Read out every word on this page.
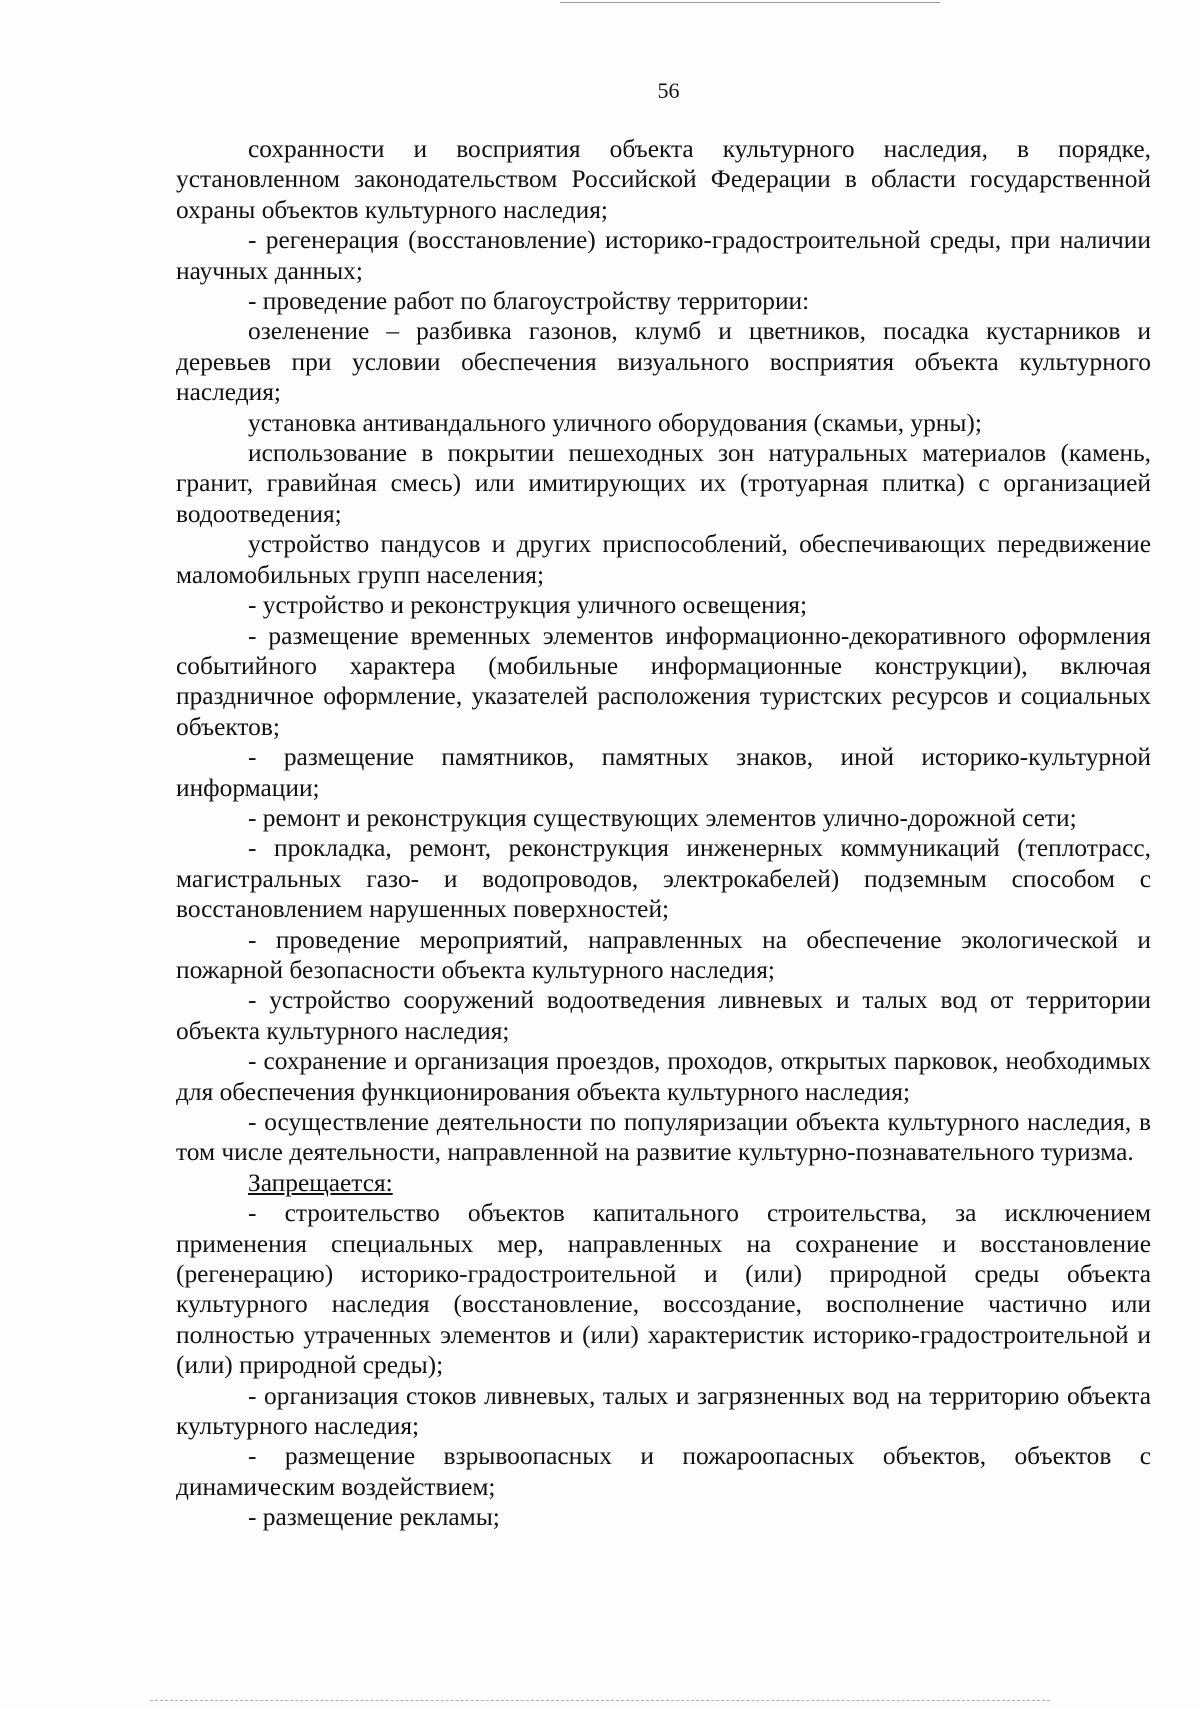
56

сохранности и восприятия объекта культурного наследия, в порядке, установленном законодательством Российской Федерации в области государственной охраны объектов культурного наследия;

- регенерация (восстановление) историко-градостроительной среды, при наличии научных данных;

- проведение работ по благоустройству территории:

озеленение – разбивка газонов, клумб и цветников, посадка кустарников и деревьев при условии обеспечения визуального восприятия объекта культурного наследия;

установка антивандального уличного оборудования (скамьи, урны);

использование в покрытии пешеходных зон натуральных материалов (камень, гранит, гравийная смесь) или имитирующих их (тротуарная плитка) с организацией водоотведения;

устройство пандусов и других приспособлений, обеспечивающих передвижение маломобильных групп населения;

- устройство и реконструкция уличного освещения;

- размещение временных элементов информационно-декоративного оформления событийного характера (мобильные информационные конструкции), включая праздничное оформление, указателей расположения туристских ресурсов и социальных объектов;

- размещение памятников, памятных знаков, иной историко-культурной информации;

- ремонт и реконструкция существующих элементов улично-дорожной сети;

- прокладка, ремонт, реконструкция инженерных коммуникаций (теплотрасс, магистральных газо- и водопроводов, электрокабелей) подземным способом с восстановлением нарушенных поверхностей;

- проведение мероприятий, направленных на обеспечение экологической и пожарной безопасности объекта культурного наследия;

- устройство сооружений водоотведения ливневых и талых вод от территории объекта культурного наследия;

- сохранение и организация проездов, проходов, открытых парковок, необходимых для обеспечения функционирования объекта культурного наследия;

- осуществление деятельности по популяризации объекта культурного наследия, в том числе деятельности, направленной на развитие культурно-познавательного туризма.

Запрещается:

- строительство объектов капитального строительства, за исключением применения специальных мер, направленных на сохранение и восстановление (регенерацию) историко-градостроительной и (или) природной среды объекта культурного наследия (восстановление, воссоздание, восполнение частично или полностью утраченных элементов и (или) характеристик историко-градостроительной и (или) природной среды);

- организация стоков ливневых, талых и загрязненных вод на территорию объекта культурного наследия;

- размещение взрывоопасных и пожароопасных объектов, объектов с динамическим воздействием;

- размещение рекламы;
